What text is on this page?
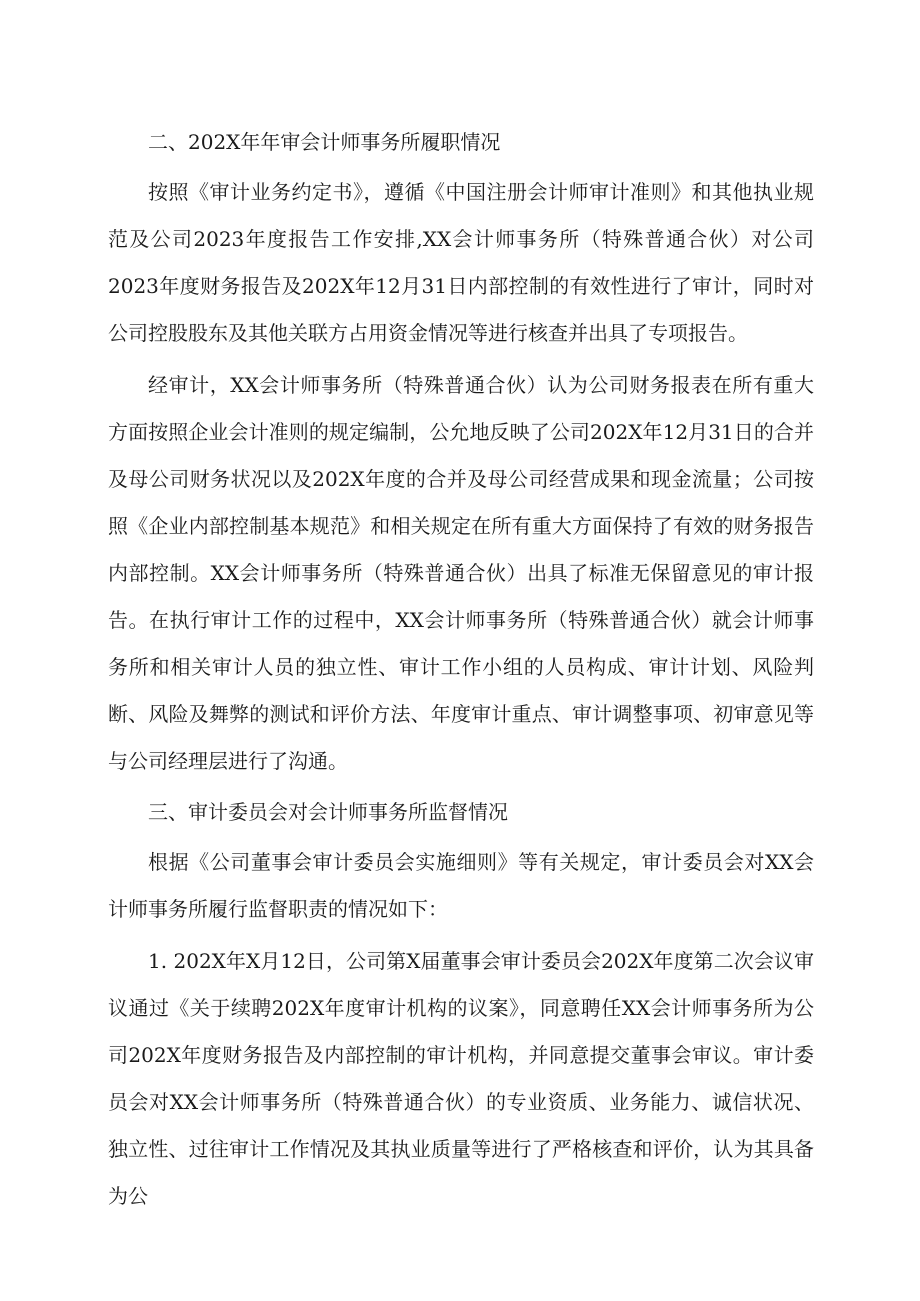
二、202X年年审会计师事务所履职情况

按照《审计业务约定书》，遵循《中国注册会计师审计准则》和其他执业规范及公司2023年度报告工作安排,XX会计师事务所（特殊普通合伙）对公司2023年度财务报告及202X年12月31日内部控制的有效性进行了审计，同时对公司控股股东及其他关联方占用资金情况等进行核查并出具了专项报告。

经审计，XX会计师事务所（特殊普通合伙）认为公司财务报表在所有重大方面按照企业会计准则的规定编制，公允地反映了公司202X年12月31日的合并及母公司财务状况以及202X年度的合并及母公司经营成果和现金流量；公司按照《企业内部控制基本规范》和相关规定在所有重大方面保持了有效的财务报告内部控制。XX会计师事务所（特殊普通合伙）出具了标准无保留意见的审计报告。在执行审计工作的过程中，XX会计师事务所（特殊普通合伙）就会计师事务所和相关审计人员的独立性、审计工作小组的人员构成、审计计划、风险判断、风险及舞弊的测试和评价方法、年度审计重点、审计调整事项、初审意见等与公司经理层进行了沟通。

三、审计委员会对会计师事务所监督情况

根据《公司董事会审计委员会实施细则》等有关规定，审计委员会对XX会计师事务所履行监督职责的情况如下：

1. 202X年X月12日，公司第X届董事会审计委员会202X年度第二次会议审议通过《关于续聘202X年度审计机构的议案》，同意聘任XX会计师事务所为公司202X年度财务报告及内部控制的审计机构，并同意提交董事会审议。审计委员会对XX会计师事务所（特殊普通合伙）的专业资质、业务能力、诚信状况、独立性、过往审计工作情况及其执业质量等进行了严格核查和评价，认为其具备为公
